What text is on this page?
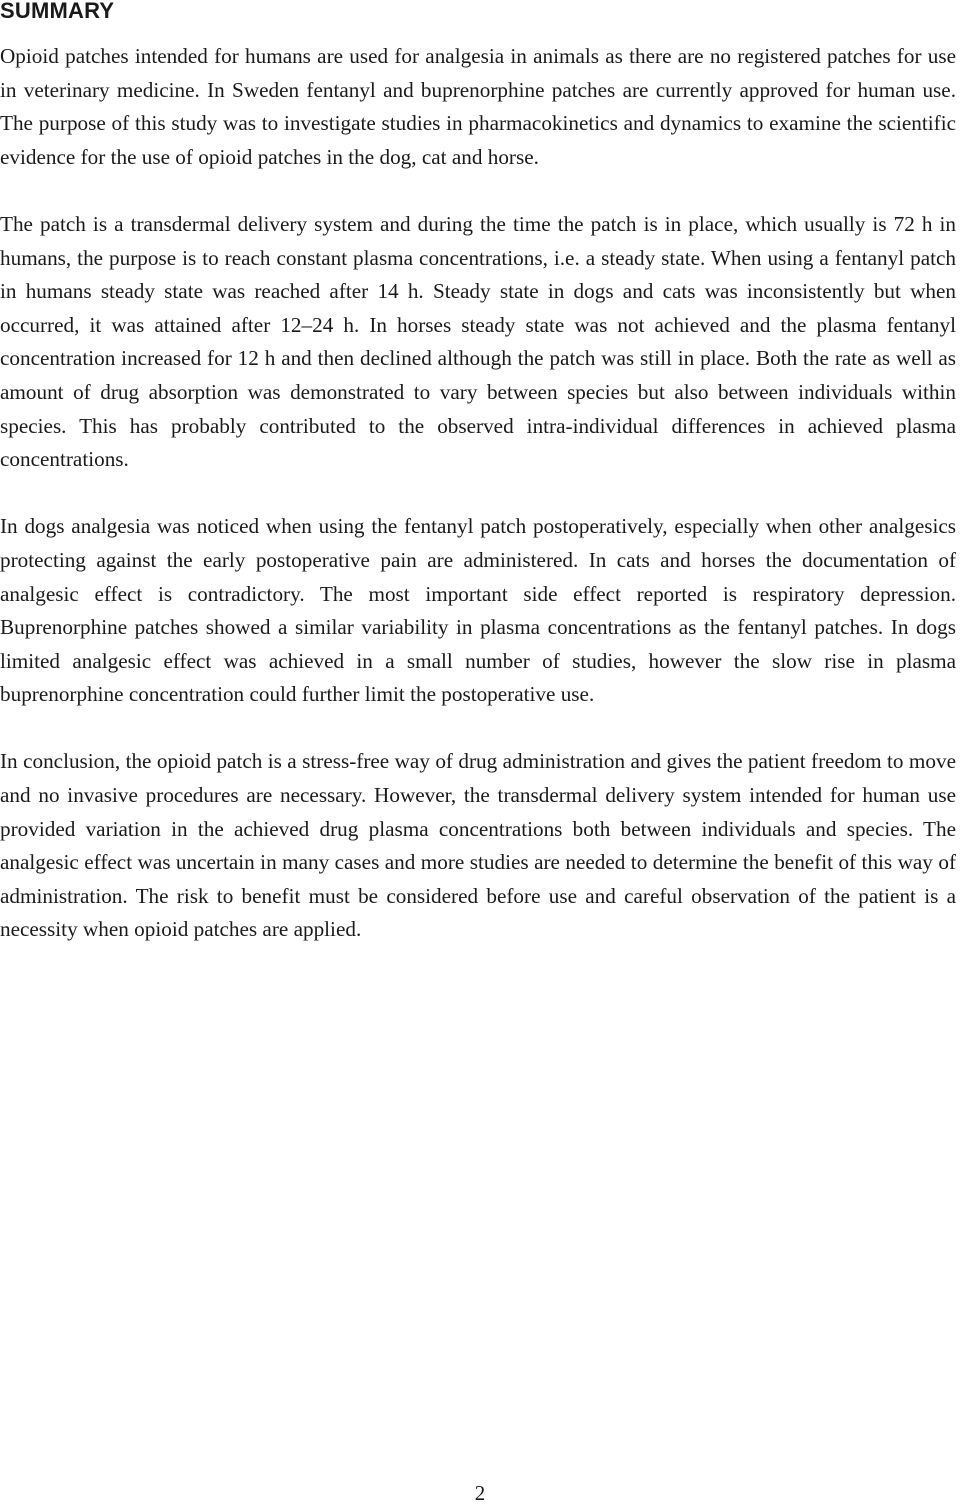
SUMMARY

Opioid patches intended for humans are used for analgesia in animals as there are no registered patches for use in veterinary medicine. In Sweden fentanyl and buprenorphine patches are currently approved for human use. The purpose of this study was to investigate studies in pharmacokinetics and dynamics to examine the scientific evidence for the use of opioid patches in the dog, cat and horse.

The patch is a transdermal delivery system and during the time the patch is in place, which usually is 72 h in humans, the purpose is to reach constant plasma concentrations, i.e. a steady state. When using a fentanyl patch in humans steady state was reached after 14 h. Steady state in dogs and cats was inconsistently but when occurred, it was attained after 12–24 h. In horses steady state was not achieved and the plasma fentanyl concentration increased for 12 h and then declined although the patch was still in place. Both the rate as well as amount of drug absorption was demonstrated to vary between species but also between individuals within species. This has probably contributed to the observed intra-individual differences in achieved plasma concentrations.

In dogs analgesia was noticed when using the fentanyl patch postoperatively, especially when other analgesics protecting against the early postoperative pain are administered. In cats and horses the documentation of analgesic effect is contradictory. The most important side effect reported is respiratory depression. Buprenorphine patches showed a similar variability in plasma concentrations as the fentanyl patches. In dogs limited analgesic effect was achieved in a small number of studies, however the slow rise in plasma buprenorphine concentration could further limit the postoperative use.

In conclusion, the opioid patch is a stress-free way of drug administration and gives the patient freedom to move and no invasive procedures are necessary. However, the transdermal delivery system intended for human use provided variation in the achieved drug plasma concentrations both between individuals and species. The analgesic effect was uncertain in many cases and more studies are needed to determine the benefit of this way of administration. The risk to benefit must be considered before use and careful observation of the patient is a necessity when opioid patches are applied.

2
